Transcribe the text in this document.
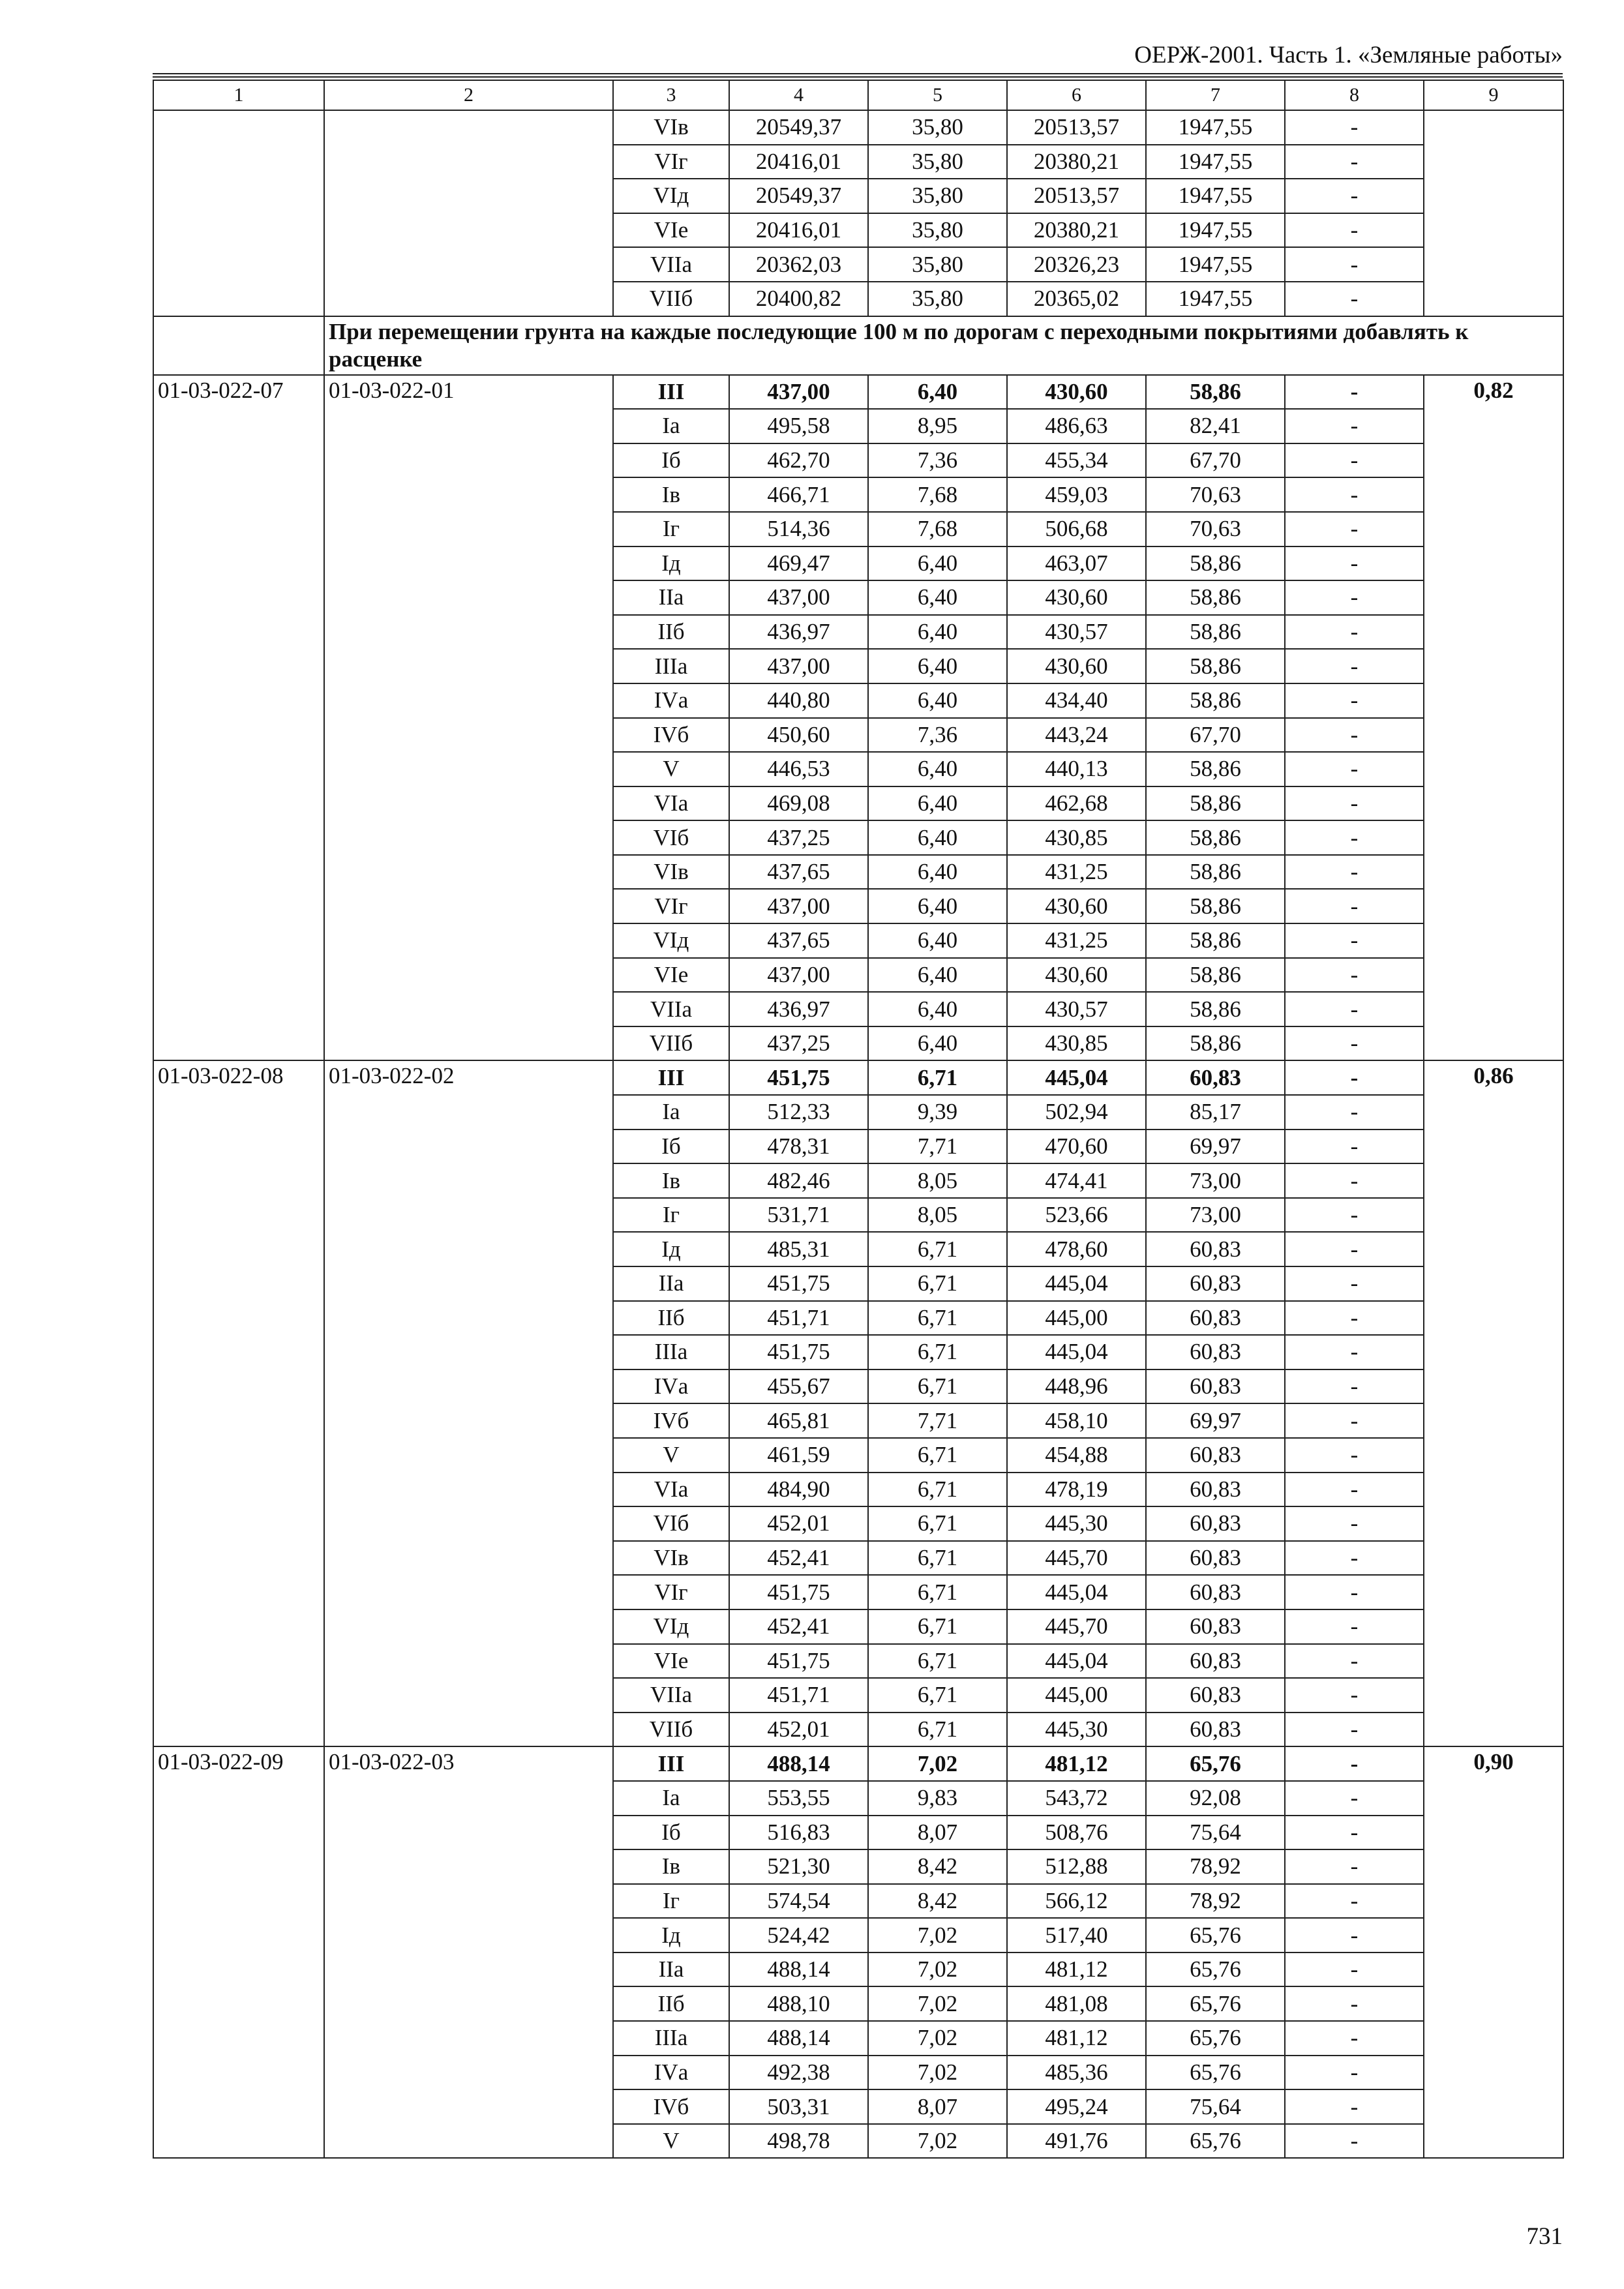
ОЕРЖ-2001. Часть 1. «Земляные работы»
1	2	3	4	5	6	7	8	9
		VIв	20549,37	35,80	20513,57	1947,55	-	
		VIг	20416,01	35,80	20380,21	1947,55	-	
		VIд	20549,37	35,80	20513,57	1947,55	-	
		VIе	20416,01	35,80	20380,21	1947,55	-	
		VIIа	20362,03	35,80	20326,23	1947,55	-	
		VIIб	20400,82	35,80	20365,02	1947,55	-	
	При перемещении грунта на каждые последующие 100 м по дорогам с переходными покрытиями добавлять к расценке							
01-03-022-07	01-03-022-01	III	437,00	6,40	430,60	58,86	-	0,82
		Iа	495,58	8,95	486,63	82,41	-	
		Iб	462,70	7,36	455,34	67,70	-	
		Iв	466,71	7,68	459,03	70,63	-	
		Iг	514,36	7,68	506,68	70,63	-	
		Iд	469,47	6,40	463,07	58,86	-	
		IIа	437,00	6,40	430,60	58,86	-	
		IIб	436,97	6,40	430,57	58,86	-	
		IIIа	437,00	6,40	430,60	58,86	-	
		IVа	440,80	6,40	434,40	58,86	-	
		IVб	450,60	7,36	443,24	67,70	-	
		V	446,53	6,40	440,13	58,86	-	
		VIа	469,08	6,40	462,68	58,86	-	
		VIб	437,25	6,40	430,85	58,86	-	
		VIв	437,65	6,40	431,25	58,86	-	
		VIг	437,00	6,40	430,60	58,86	-	
		VIд	437,65	6,40	431,25	58,86	-	
		VIе	437,00	6,40	430,60	58,86	-	
		VIIа	436,97	6,40	430,57	58,86	-	
		VIIб	437,25	6,40	430,85	58,86	-	
01-03-022-08	01-03-022-02	III	451,75	6,71	445,04	60,83	-	0,86
		Iа	512,33	9,39	502,94	85,17	-	
		Iб	478,31	7,71	470,60	69,97	-	
		Iв	482,46	8,05	474,41	73,00	-	
		Iг	531,71	8,05	523,66	73,00	-	
		Iд	485,31	6,71	478,60	60,83	-	
		IIа	451,75	6,71	445,04	60,83	-	
		IIб	451,71	6,71	445,00	60,83	-	
		IIIа	451,75	6,71	445,04	60,83	-	
		IVа	455,67	6,71	448,96	60,83	-	
		IVб	465,81	7,71	458,10	69,97	-	
		V	461,59	6,71	454,88	60,83	-	
		VIа	484,90	6,71	478,19	60,83	-	
		VIб	452,01	6,71	445,30	60,83	-	
		VIв	452,41	6,71	445,70	60,83	-	
		VIг	451,75	6,71	445,04	60,83	-	
		VIд	452,41	6,71	445,70	60,83	-	
		VIе	451,75	6,71	445,04	60,83	-	
		VIIа	451,71	6,71	445,00	60,83	-	
		VIIб	452,01	6,71	445,30	60,83	-	
01-03-022-09	01-03-022-03	III	488,14	7,02	481,12	65,76	-	0,90
		Iа	553,55	9,83	543,72	92,08	-	
		Iб	516,83	8,07	508,76	75,64	-	
		Iв	521,30	8,42	512,88	78,92	-	
		Iг	574,54	8,42	566,12	78,92	-	
		Iд	524,42	7,02	517,40	65,76	-	
		IIа	488,14	7,02	481,12	65,76	-	
		IIб	488,10	7,02	481,08	65,76	-	
		IIIа	488,14	7,02	481,12	65,76	-	
		IVа	492,38	7,02	485,36	65,76	-	
		IVб	503,31	8,07	495,24	75,64	-	
		V	498,78	7,02	491,76	65,76	-	
731
